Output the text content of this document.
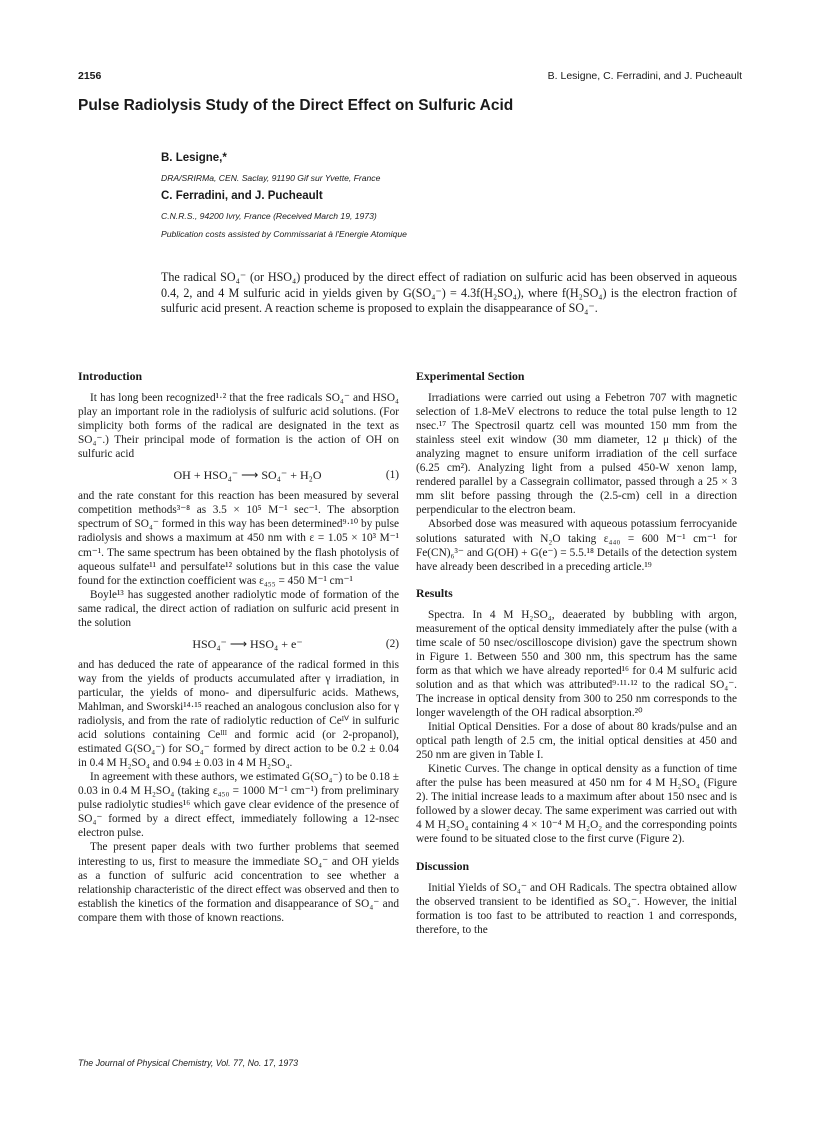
2156	B. Lesigne, C. Ferradini, and J. Pucheault
Pulse Radiolysis Study of the Direct Effect on Sulfuric Acid
B. Lesigne,*
DRA/SRIRMa, CEN. Saclay, 91190 Gif sur Yvette, France
C. Ferradini, and J. Pucheault
C.N.R.S., 94200 Ivry, France (Received March 19, 1973)
Publication costs assisted by Commissariat à l'Energie Atomique
The radical SO₄⁻ (or HSO₄) produced by the direct effect of radiation on sulfuric acid has been observed in aqueous 0.4, 2, and 4 M sulfuric acid in yields given by G(SO₄⁻) = 4.3f(H₂SO₄), where f(H₂SO₄) is the electron fraction of sulfuric acid present. A reaction scheme is proposed to explain the disappearance of SO₄⁻.
Introduction

It has long been recognized¹·² that the free radicals SO₄⁻ and HSO₄ play an important role in the radiolysis of sulfuric acid solutions. (For simplicity both forms of the radical are designated in the text as SO₄⁻.) Their principal mode of formation is the action of OH on sulfuric acid

OH + HSO₄⁻ ⟶ SO₄⁻ + H₂O	(1)

and the rate constant for this reaction has been measured by several competition methods³⁻⁸ as 3.5 × 10⁵ M⁻¹ sec⁻¹. The absorption spectrum of SO₄⁻ formed in this way has been determined⁹·¹⁰ by pulse radiolysis and shows a maximum at 450 nm with ε = 1.05 × 10³ M⁻¹ cm⁻¹. The same spectrum has been obtained by the flash photolysis of aqueous sulfate¹¹ and persulfate¹² solutions but in this case the value found for the extinction coefficient was ε₄₅₅ = 450 M⁻¹ cm⁻¹

Boyle¹³ has suggested another radiolytic mode of formation of the same radical, the direct action of radiation on sulfuric acid present in the solution

HSO₄⁻ ⟶ HSO₄ + e⁻	(2)

and has deduced the rate of appearance of the radical formed in this way from the yields of products accumulated after γ irradiation, in particular, the yields of mono- and dipersulfuric acids. Mathews, Mahlman, and Sworski¹⁴·¹⁵ reached an analogous conclusion also for γ radiolysis, and from the rate of radiolytic reduction of Ceᴵⱽ in sulfuric acid solutions containing Ceᴵᴵᴵ and formic acid (or 2-propanol), estimated G(SO₄⁻) for SO₄⁻ formed by direct action to be 0.2 ± 0.04 in 0.4 M H₂SO₄ and 0.94 ± 0.03 in 4 M H₂SO₄.

In agreement with these authors, we estimated G(SO₄⁻) to be 0.18 ± 0.03 in 0.4 M H₂SO₄ (taking ε₄₅₀ = 1000 M⁻¹ cm⁻¹) from preliminary pulse radiolytic studies¹⁶ which gave clear evidence of the presence of SO₄⁻ formed by a direct effect, immediately following a 12-nsec electron pulse.

The present paper deals with two further problems that seemed interesting to us, first to measure the immediate SO₄⁻ and OH yields as a function of sulfuric acid concentration to see whether a relationship characteristic of the direct effect was observed and then to establish the kinetics of the formation and disappearance of SO₄⁻ and compare them with those of known reactions.

Experimental Section

Irradiations were carried out using a Febetron 707 with magnetic selection of 1.8-MeV electrons to reduce the total pulse length to 12 nsec.¹⁷ The Spectrosil quartz cell was mounted 150 mm from the stainless steel exit window (30 mm diameter, 12 μ thick) of the analyzing magnet to ensure uniform irradiation of the cell surface (6.25 cm²). Analyzing light from a pulsed 450-W xenon lamp, rendered parallel by a Cassegrain collimator, passed through a 25 × 3 mm slit before passing through the (2.5-cm) cell in a direction perpendicular to the electron beam.

Absorbed dose was measured with aqueous potassium ferrocyanide solutions saturated with N₂O taking ε₄₄₀ = 600 M⁻¹ cm⁻¹ for Fe(CN)₆³⁻ and G(OH) + G(e⁻) = 5.5.¹⁸ Details of the detection system have already been described in a preceding article.¹⁹

Results

Spectra. In 4 M H₂SO₄, deaerated by bubbling with argon, measurement of the optical density immediately after the pulse (with a time scale of 50 nsec/oscilloscope division) gave the spectrum shown in Figure 1. Between 550 and 300 nm, this spectrum has the same form as that which we have already reported¹⁶ for 0.4 M sulfuric acid solution and as that which was attributed⁹·¹¹·¹² to the radical SO₄⁻. The increase in optical density from 300 to 250 nm corresponds to the longer wavelength of the OH radical absorption.²⁰

Initial Optical Densities. For a dose of about 80 krads/pulse and an optical path length of 2.5 cm, the initial optical densities at 450 and 250 nm are given in Table I.

Kinetic Curves. The change in optical density as a function of time after the pulse has been measured at 450 nm for 4 M H₂SO₄ (Figure 2). The initial increase leads to a maximum after about 150 nsec and is followed by a slower decay. The same experiment was carried out with 4 M H₂SO₄ containing 4 × 10⁻⁴ M H₂O₂ and the corresponding points were found to be situated close to the first curve (Figure 2).

Discussion

Initial Yields of SO₄⁻ and OH Radicals. The spectra obtained allow the observed transient to be identified as SO₄⁻. However, the initial formation is too fast to be attributed to reaction 1 and corresponds, therefore, to the

The Journal of Physical Chemistry, Vol. 77, No. 17, 1973
